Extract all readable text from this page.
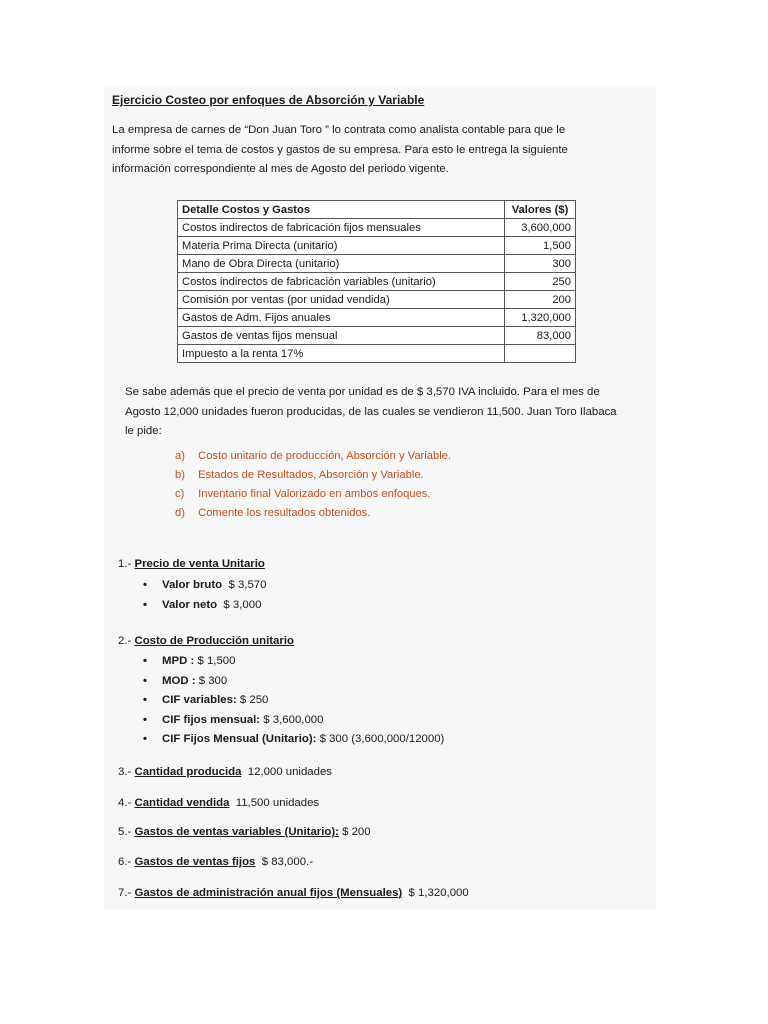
Ejercicio Costeo por enfoques de Absorción y Variable
La empresa de carnes de “Don Juan Toro ” lo contrata como analista contable para que le
informe sobre el tema de costos y gastos de su empresa. Para esto le entrega la siguiente
información correspondiente al mes de Agosto del periodo vigente.
Detalle Costos y Gastos	Valores ($)
Costos indirectos de fabricación fijos mensuales	3,600,000
Materia Prima Directa (unitario)	1,500
Mano de Obra Directa (unitario)	300
Costos indirectos de fabricación variables (unitario)	250
Comisión por ventas (por unidad vendida)	200
Gastos de Adm. Fijos anuales	1,320,000
Gastos de ventas fijos mensual	83,000
Impuesto a la renta 17%	
Se sabe además que el precio de venta por unidad es de $ 3,570 IVA incluido. Para el mes de
Agosto 12,000 unidades fueron producidas, de las cuales se vendieron 11,500. Juan Toro Ilabaca
le pide:
a) Costo unitario de producción, Absorción y Variable.
b) Estados de Resultados, Absorción y Variable.
c) Inventario final Valorizado en ambos enfoques.
d) Comente los resultados obtenidos.
1.- Precio de venta Unitario
• Valor bruto  $ 3,570
• Valor neto  $ 3,000
2.- Costo de Producción unitario
• MPD : $ 1,500
• MOD : $ 300
• CIF variables: $ 250
• CIF fijos mensual: $ 3,600,000
• CIF Fijos Mensual (Unitario): $ 300 (3,600,000/12000)
3.- Cantidad producida  12,000 unidades
4.- Cantidad vendida  11,500 unidades
5.- Gastos de ventas variables (Unitario): $ 200
6.- Gastos de ventas fijos  $ 83,000.-
7.- Gastos de administración anual fijos (Mensuales)  $ 1,320,000
